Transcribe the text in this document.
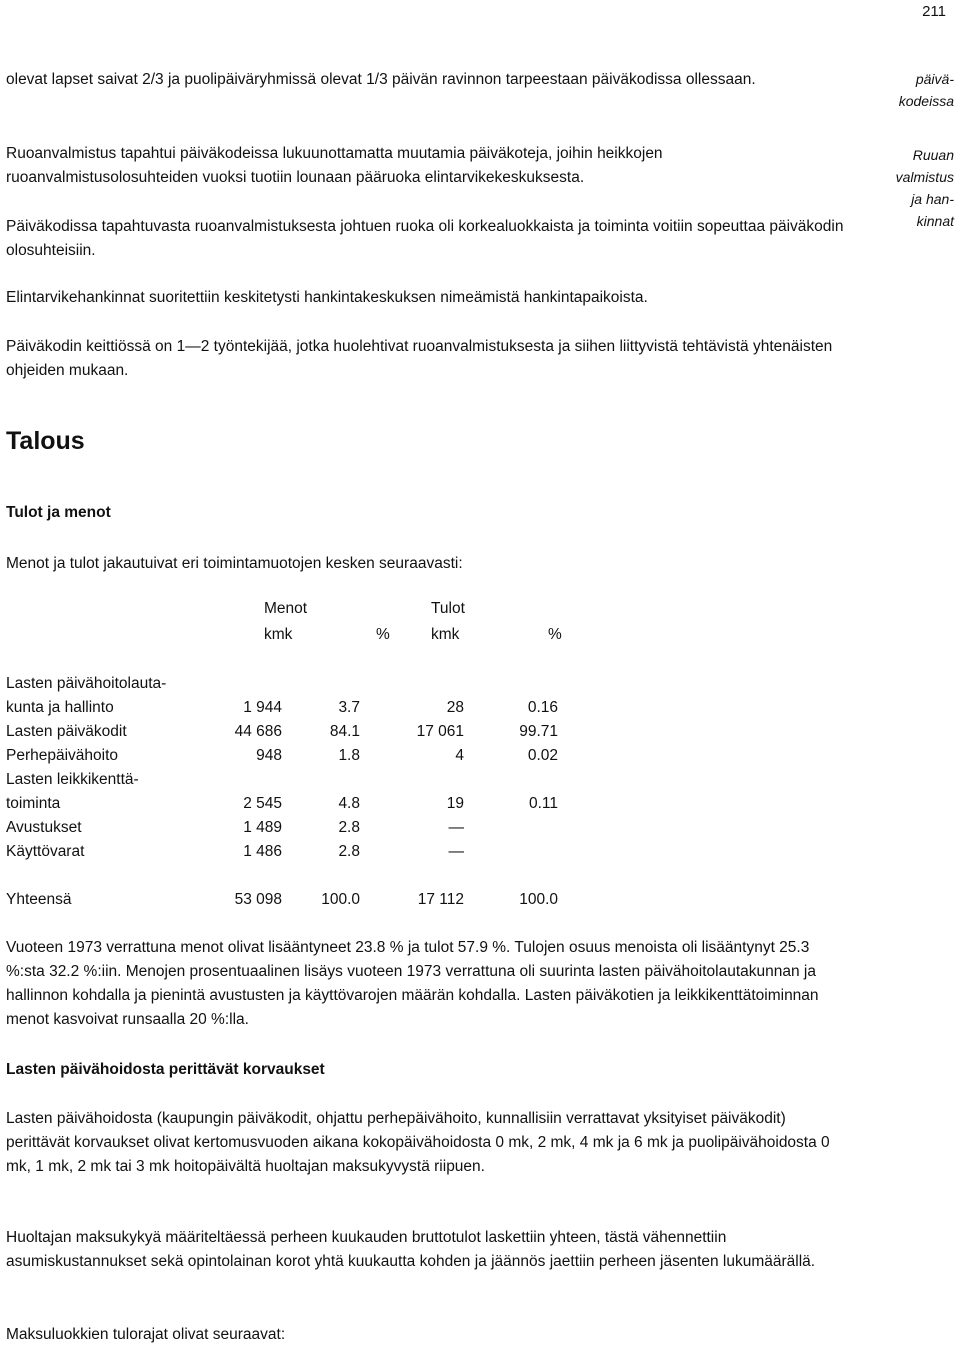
211
päivä-
kodeissa
Ruuan
valmistus
ja han-
kinnat

olevat lapset saivat 2/3 ja puolipäiväryhmissä olevat 1/3 päivän ravinnon tarpeestaan päiväkodissa ollessaan.

Ruoanvalmistus tapahtui päiväkodeissa lukuunottamatta muutamia päiväkoteja, joihin heikkojen ruoanvalmistusolosuhteiden vuoksi tuotiin lounaan pääruoka elintarvikekeskuksesta.

Päiväkodissa tapahtuvasta ruoanvalmistuksesta johtuen ruoka oli korkealuokkaista ja toiminta voitiin sopeuttaa päiväkodin olosuhteisiin.

Elintarvikehankinnat suoritettiin keskitetysti hankintakeskuksen nimeämistä hankintapaikoista.

Päiväkodin keittiössä on 1—2 työntekijää, jotka huolehtivat ruoanvalmistuksesta ja siihen liittyvistä tehtävistä yhtenäisten ohjeiden mukaan.

Talous
Tulot ja menot

Menot ja tulot jakautuivat eri toimintamuotojen kesken seuraavasti:

Menot	Tulot
kmk	%	kmk	%
Lasten päivähoitolauta-
kunta ja hallinto	1 944	3.7	28	0.16
Lasten päiväkodit	44 686	84.1	17 061	99.71
Perhepäivähoito	948	1.8	4	0.02
Lasten leikkikenttä-
toiminta	2 545	4.8	19	0.11
Avustukset	1 489	2.8	—
Käyttövarat	1 486	2.8	—
Yhteensä	53 098	100.0	17 112	100.0

Vuoteen 1973 verrattuna menot olivat lisääntyneet 23.8 % ja tulot 57.9 %. Tulojen osuus menoista oli lisääntynyt 25.3 %:sta 32.2 %:iin. Menojen prosentuaalinen lisäys vuoteen 1973 verrattuna oli suurinta lasten päivähoitolautakunnan ja hallinnon kohdalla ja pienintä avustusten ja käyttövarojen määrän kohdalla. Lasten päiväkotien ja leikkikenttätoiminnan menot kasvoivat runsaalla 20 %:lla.

Lasten päivähoidosta perittävät korvaukset

Lasten päivähoidosta (kaupungin päiväkodit, ohjattu perhepäivähoito, kunnallisiin verrattavat yksityiset päiväkodit) perittävät korvaukset olivat kertomusvuoden aikana kokopäivähoidosta 0 mk, 2 mk, 4 mk ja 6 mk ja puolipäivähoidosta 0 mk, 1 mk, 2 mk tai 3 mk hoitopäivältä huoltajan maksukyvystä riipuen.

Huoltajan maksukykyä määriteltäessä perheen kuukauden bruttotulot laskettiin yhteen, tästä vähennettiin asumiskustannukset sekä opintolainan korot yhtä kuukautta kohden ja jäännös jaettiin perheen jäsenten lukumäärällä.

Maksuluokkien tulorajat olivat seuraavat:
